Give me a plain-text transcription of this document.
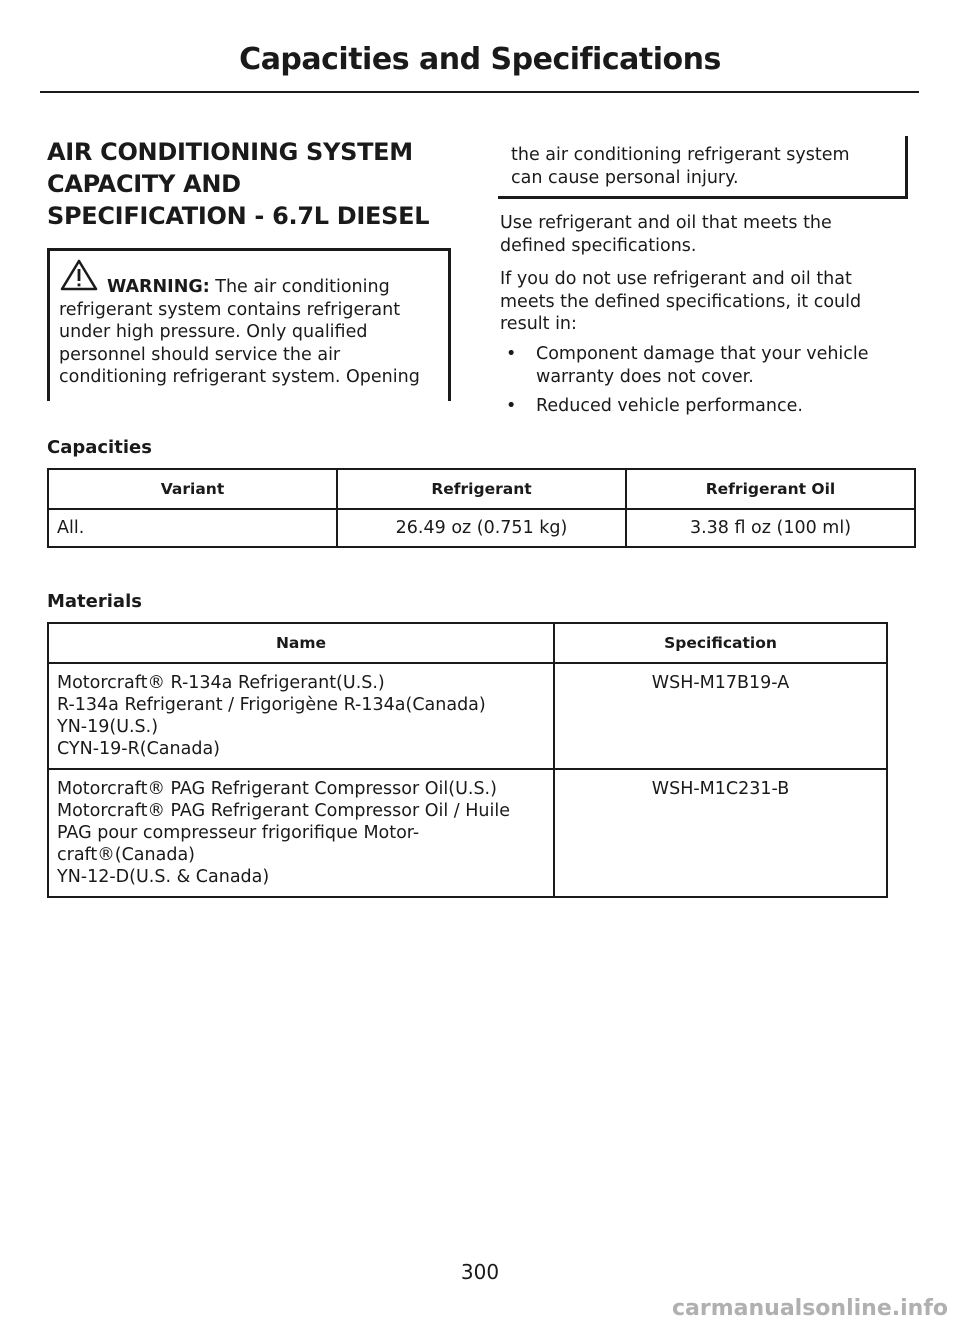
Capacities and Specifications
AIR CONDITIONING SYSTEM
CAPACITY AND
SPECIFICATION - 6.7L DIESEL
WARNING: The air conditioning
refrigerant system contains refrigerant
under high pressure. Only qualified
personnel should service the air
conditioning refrigerant system. Opening
the air conditioning refrigerant system
can cause personal injury.
Use refrigerant and oil that meets the
defined specifications.
If you do not use refrigerant and oil that
meets the defined specifications, it could
result in:
• Component damage that your vehicle
warranty does not cover.
• Reduced vehicle performance.
Capacities
Variant	Refrigerant	Refrigerant Oil
All.	26.49 oz (0.751 kg)	3.38 fl oz (100 ml)
Materials
Name	Specification

Motorcraft® R-134a Refrigerant(U.S.)
R-134a Refrigerant / Frigorigène R-134a(Canada)
YN-19(U.S.)
CYN-19-R(Canada)	WSH-M17B19-A

Motorcraft® PAG Refrigerant Compressor Oil(U.S.)
Motorcraft® PAG Refrigerant Compressor Oil / Huile
PAG pour compresseur frigorifique Motor-
craft®(Canada)
YN-12-D(U.S. & Canada)	WSH-M1C231-B
300
carmanualsonline.info
